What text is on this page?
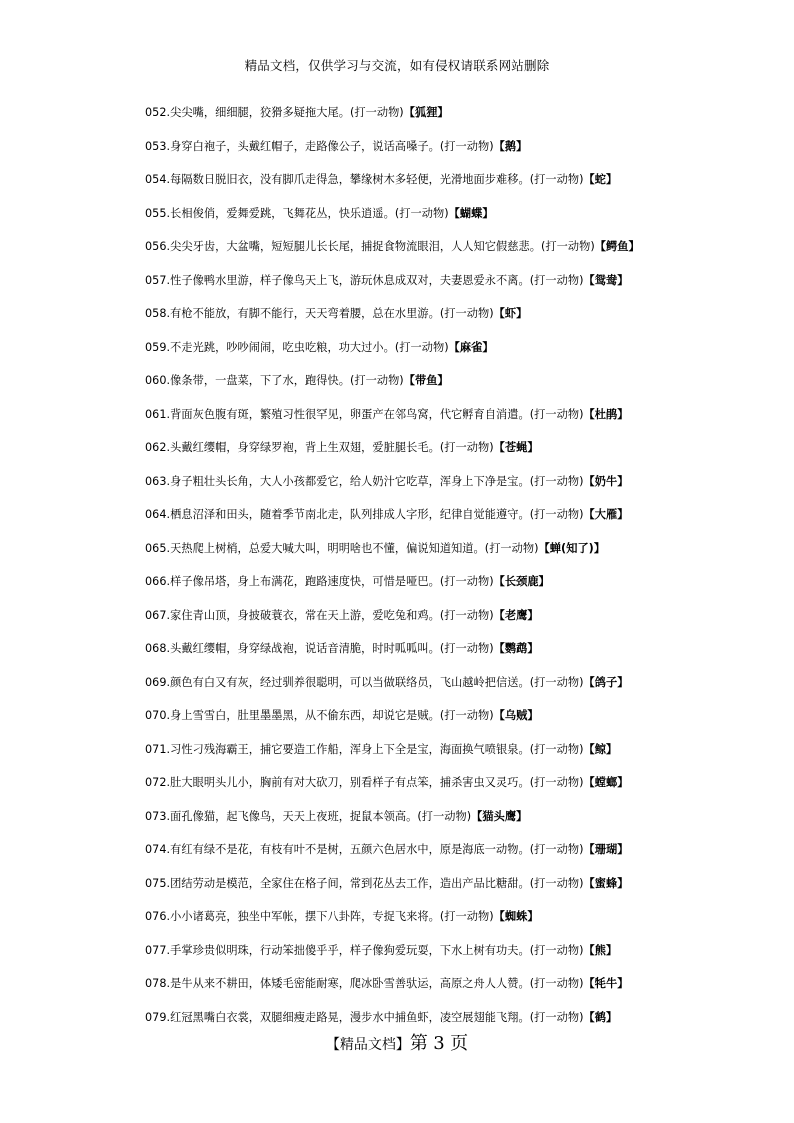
精品文档，仅供学习与交流，如有侵权请联系网站删除
052.尖尖嘴，细细腿，狡猾多疑拖大尾。(打一动物)【狐狸】
053.身穿白袍子，头戴红帽子，走路像公子，说话高嗓子。(打一动物)【鹅】
054.每隔数日脱旧衣，没有脚爪走得急，攀缘树木多轻便，光滑地面步难移。(打一动物)【蛇】
055.长相俊俏，爱舞爱跳，飞舞花丛，快乐逍遥。(打一动物)【蝴蝶】
056.尖尖牙齿，大盆嘴，短短腿儿长长尾，捕捉食物流眼泪，人人知它假慈悲。(打一动物)【鳄鱼】
057.性子像鸭水里游，样子像鸟天上飞，游玩休息成双对，夫妻恩爱永不离。(打一动物)【鸳鸯】
058.有枪不能放，有脚不能行，天天弯着腰，总在水里游。(打一动物)【虾】
059.不走光跳，吵吵闹闹，吃虫吃粮，功大过小。(打一动物)【麻雀】
060.像条带，一盘菜，下了水，跑得快。(打一动物)【带鱼】
061.背面灰色腹有斑，繁殖习性很罕见，卵蛋产在邻鸟窝，代它孵育自消遣。(打一动物)【杜鹃】
062.头戴红缨帽，身穿绿罗袍，背上生双翅，爱脏腿长毛。(打一动物)【苍蝇】
063.身子粗壮头长角，大人小孩都爱它，给人奶汁它吃草，浑身上下净是宝。(打一动物)【奶牛】
064.栖息沼泽和田头，随着季节南北走，队列排成人字形，纪律自觉能遵守。(打一动物)【大雁】
065.天热爬上树梢，总爱大喊大叫，明明啥也不懂，偏说知道知道。(打一动物)【蝉(知了)】
066.样子像吊塔，身上布满花，跑路速度快，可惜是哑巴。(打一动物)【长颈鹿】
067.家住青山顶，身披破蓑衣，常在天上游，爱吃兔和鸡。(打一动物)【老鹰】
068.头戴红缨帽，身穿绿战袍，说话音清脆，时时呱呱叫。(打一动物)【鹦鹉】
069.颜色有白又有灰，经过驯养很聪明，可以当做联络员，飞山越岭把信送。(打一动物)【鸽子】
070.身上雪雪白，肚里墨墨黑，从不偷东西，却说它是贼。(打一动物)【乌贼】
071.习性刁残海霸王，捕它要造工作船，浑身上下全是宝，海面换气喷银泉。(打一动物)【鲸】
072.肚大眼明头儿小，胸前有对大砍刀，别看样子有点笨，捕杀害虫又灵巧。(打一动物)【螳螂】
073.面孔像猫，起飞像鸟，天天上夜班，捉鼠本领高。(打一动物)【猫头鹰】
074.有红有绿不是花，有枝有叶不是树，五颜六色居水中，原是海底一动物。(打一动物)【珊瑚】
075.团结劳动是模范，全家住在格子间，常到花丛去工作，造出产品比糖甜。(打一动物)【蜜蜂】
076.小小诸葛亮，独坐中军帐，摆下八卦阵，专捉飞来将。(打一动物)【蜘蛛】
077.手掌珍贵似明珠，行动笨拙傻乎乎，样子像狗爱玩耍，下水上树有功夫。(打一动物)【熊】
078.是牛从来不耕田，体矮毛密能耐寒，爬冰卧雪善驮运，高原之舟人人赞。(打一动物)【牦牛】
079.红冠黑嘴白衣裳，双腿细瘦走路晃，漫步水中捕鱼虾，凌空展翅能飞翔。(打一动物)【鹤】
【精品文档】第 3 页
